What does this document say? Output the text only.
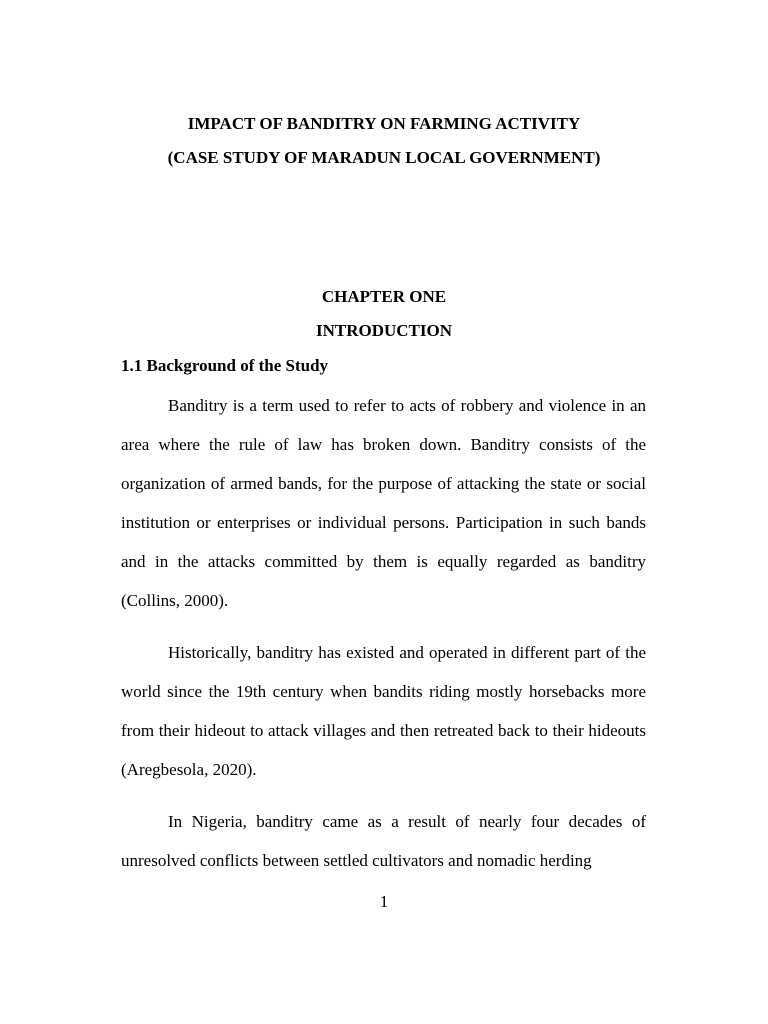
IMPACT OF BANDITRY ON FARMING ACTIVITY

(CASE STUDY OF MARADUN LOCAL GOVERNMENT)

CHAPTER ONE

INTRODUCTION

1.1 Background of the Study

Banditry is a term used to refer to acts of robbery and violence in an area where the rule of law has broken down. Banditry consists of the organization of armed bands, for the purpose of attacking the state or social institution or enterprises or individual persons. Participation in such bands and in the attacks committed by them is equally regarded as banditry (Collins, 2000).

Historically, banditry has existed and operated in different part of the world since the 19th century when bandits riding mostly horsebacks more from their hideout to attack villages and then retreated back to their hideouts (Aregbesola, 2020).

In Nigeria, banditry came as a result of nearly four decades of unresolved conflicts between settled cultivators and nomadic herding

1
